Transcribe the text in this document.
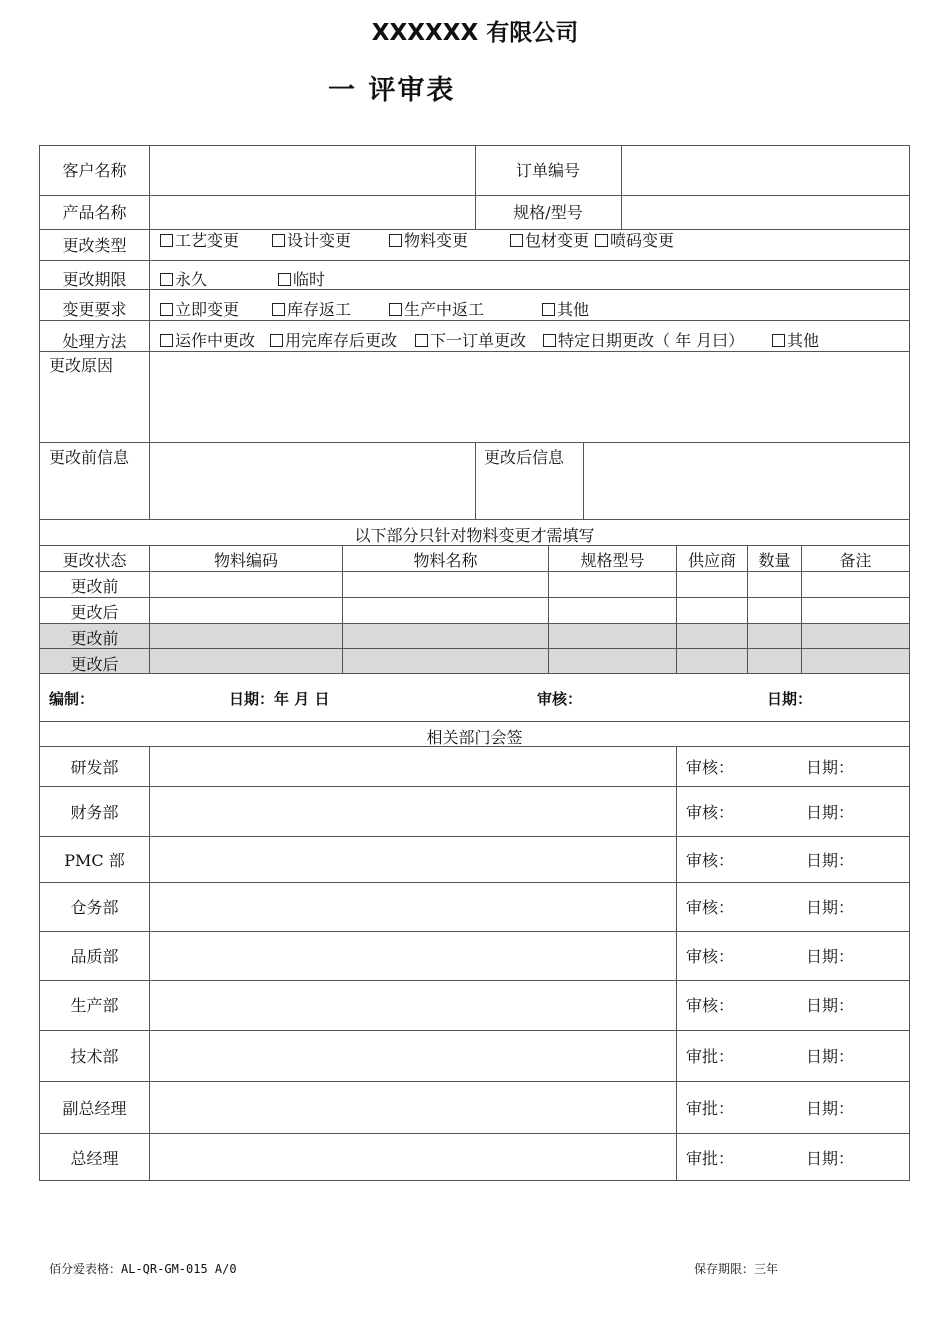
XXXXXX 有限公司
一 评审表
客户名称	订单编号
产品名称	规格/型号
更改类型	工艺变更	设计变更	物料变更	包材变更	喷码变更
更改期限	永久	临时
变更要求	立即变更	库存返工	生产中返工	其他
处理方法	运作中更改	用完库存后更改	下一订单更改	特定日期更改（ 年 月曰）	其他
更改原因
更改前信息	更改后信息
以下部分只针对物料变更才需填写
更改状态	物料编码	物料名称	规格型号	供应商	数量	备注
更改前
更改后
更改前
更改后
编制：	日期：年 月 日	审核：	日期：
相关部门会签
研发部	审核：	日期：
财务部	审核：	日期：
PMC 部	审核：	日期：
仓务部	审核：	日期：
品质部	审核：	日期：
生产部	审核：	日期：
技术部	审批：	日期：
副总经理	审批：	日期：
总经理	审批：	日期：
佰分爱表格：AL-QR-GM-015 A/0	保存期限：三年
